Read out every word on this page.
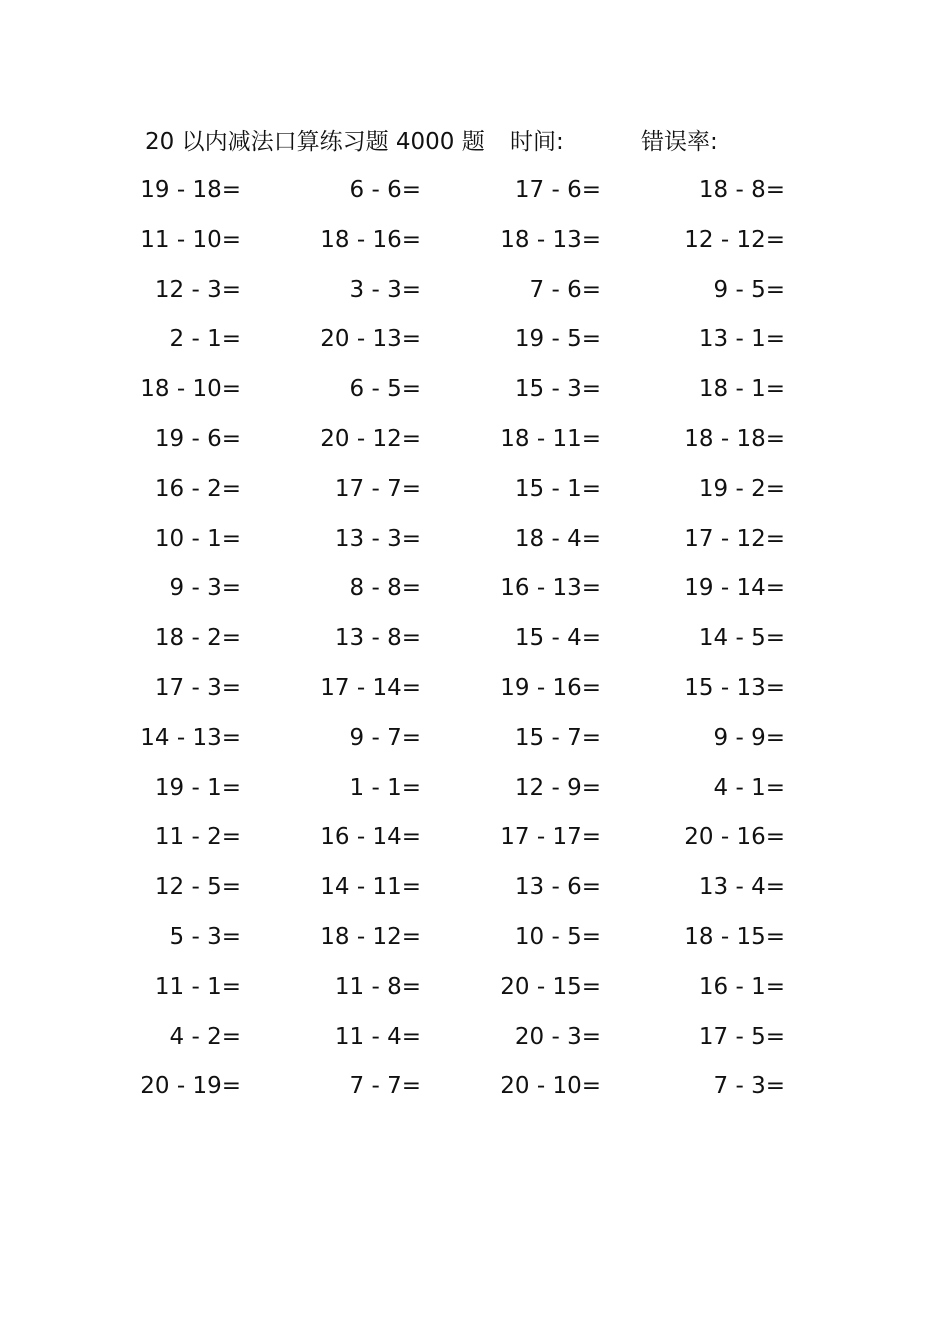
20 以内减法口算练习题 4000 题 时间:	错误率:
19 - 18=	6 - 6=	17 - 6=	18 - 8=
11 - 10=	18 - 16=	18 - 13=	12 - 12=
12 - 3=	3 - 3=	7 - 6=	9 - 5=
2 - 1=	20 - 13=	19 - 5=	13 - 1=
18 - 10=	6 - 5=	15 - 3=	18 - 1=
19 - 6=	20 - 12=	18 - 11=	18 - 18=
16 - 2=	17 - 7=	15 - 1=	19 - 2=
10 - 1=	13 - 3=	18 - 4=	17 - 12=
9 - 3=	8 - 8=	16 - 13=	19 - 14=
18 - 2=	13 - 8=	15 - 4=	14 - 5=
17 - 3=	17 - 14=	19 - 16=	15 - 13=
14 - 13=	9 - 7=	15 - 7=	9 - 9=
19 - 1=	1 - 1=	12 - 9=	4 - 1=
11 - 2=	16 - 14=	17 - 17=	20 - 16=
12 - 5=	14 - 11=	13 - 6=	13 - 4=
5 - 3=	18 - 12=	10 - 5=	18 - 15=
11 - 1=	11 - 8=	20 - 15=	16 - 1=
4 - 2=	11 - 4=	20 - 3=	17 - 5=
20 - 19=	7 - 7=	20 - 10=	7 - 3=
